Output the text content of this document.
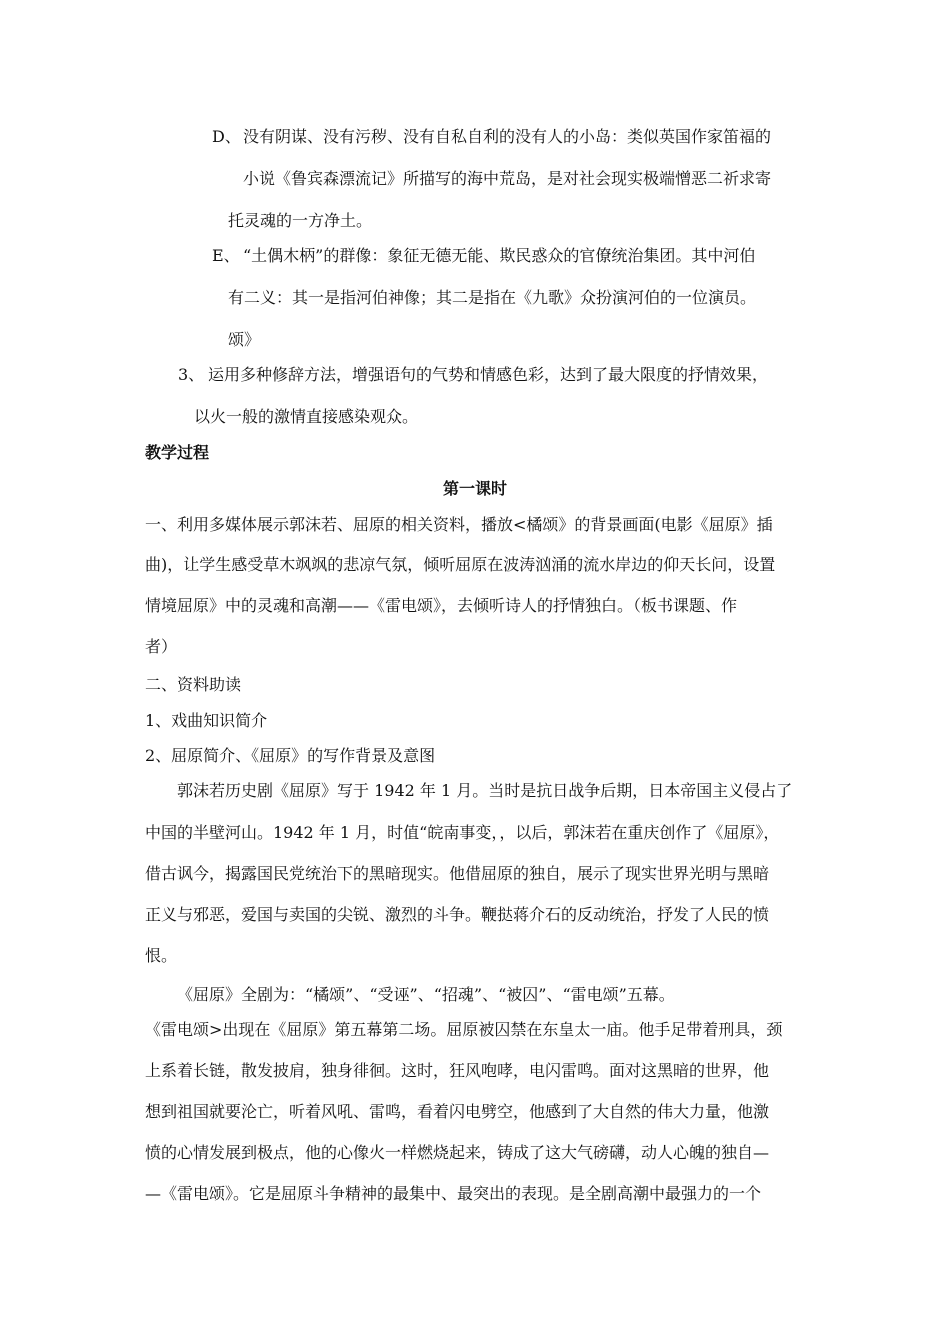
D、 没有阴谋、没有污秽、没有自私自利的没有人的小岛：类似英国作家笛福的
小说《鲁宾森漂流记》所描写的海中荒岛，是对社会现实极端憎恶二祈求寄
托灵魂的一方净土。
E、 “土偶木柄”的群像：象征无德无能、欺民惑众的官僚统治集团。其中河伯
有二义：其一是指河伯神像；其二是指在《九歌》众扮演河伯的一位演员。
颂》
3、 运用多种修辞方法，增强语句的气势和情感色彩，达到了最大限度的抒情效果，
以火一般的激情直接感染观众。
教学过程
第一课时
一、利用多媒体展示郭沫若、屈原的相关资料，播放<橘颂》的背景画面(电影《屈原》插
曲)，让学生感受草木飒飒的悲凉气氛，倾听屈原在波涛汹涌的流水岸边的仰天长问，设置
情境屈原》中的灵魂和高潮——《雷电颂》，去倾听诗人的抒情独白。（板书课题、作
者）
二、资料助读
1、戏曲知识简介
2、屈原简介、《屈原》的写作背景及意图
郭沫若历史剧《屈原》写于 1942 年 1 月。当时是抗日战争后期，日本帝国主义侵占了
中国的半壁河山。1942 年 1 月，时值“皖南事变，，以后，郭沫若在重庆创作了《屈原》，
借古讽今，揭露国民党统治下的黑暗现实。他借屈原的独自，展示了现实世界光明与黑暗
正义与邪恶，爱国与卖国的尖锐、激烈的斗争。鞭挞蒋介石的反动统治，抒发了人民的愤
恨。
《屈原》全剧为：“橘颂”、“受诬”、“招魂”、“被囚”、“雷电颂”五幕。
《雷电颂>出现在《屈原》第五幕第二场。屈原被囚禁在东皇太一庙。他手足带着刑具，颈
上系着长链，散发披肩，独身徘徊。这时，狂风咆哮，电闪雷鸣。面对这黑暗的世界，他
想到祖国就要沦亡，听着风吼、雷鸣，看着闪电劈空，他感到了大自然的伟大力量，他激
愤的心情发展到极点，他的心像火一样燃烧起来，铸成了这大气磅礴，动人心魄的独自—
—《雷电颂》。它是屈原斗争精神的最集中、最突出的表现。是全剧高潮中最强力的一个
